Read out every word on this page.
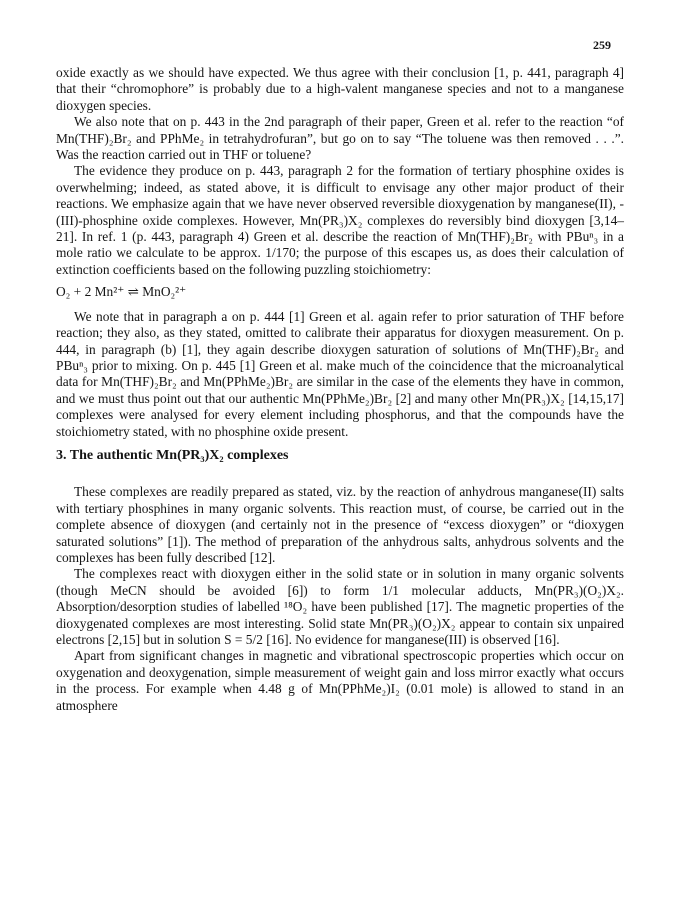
259

oxide exactly as we should have expected. We thus agree with their conclusion [1, p. 441, paragraph 4] that their “chromophore” is probably due to a high-valent manganese species and not to a manganese dioxygen species.

We also note that on p. 443 in the 2nd paragraph of their paper, Green et al. refer to the reaction “of Mn(THF)₂Br₂ and PPhMe₂ in tetrahydrofuran”, but go on to say “The toluene was then removed . . .”. Was the reaction carried out in THF or toluene?

The evidence they produce on p. 443, paragraph 2 for the formation of tertiary phosphine oxides is overwhelming; indeed, as stated above, it is difficult to envisage any other major product of their reactions. We emphasize again that we have never observed reversible dioxygenation by manganese(II), -(III)-phosphine oxide complexes. However, Mn(PR₃)X₂ complexes do reversibly bind dioxygen [3,14–21]. In ref. 1 (p. 443, paragraph 4) Green et al. describe the reaction of Mn(THF)₂Br₂ with PBuⁿ₃ in a mole ratio we calculate to be approx. 1/170; the purpose of this escapes us, as does their calculation of extinction coefficients based on the following puzzling stoichiometry:

O₂ + 2 Mn²⁺ ⇌ MnO₂²⁺

We note that in paragraph a on p. 444 [1] Green et al. again refer to prior saturation of THF before reaction; they also, as they stated, omitted to calibrate their apparatus for dioxygen measurement. On p. 444, in paragraph (b) [1], they again describe dioxygen saturation of solutions of Mn(THF)₂Br₂ and PBuⁿ₃ prior to mixing. On p. 445 [1] Green et al. make much of the coincidence that the microanalytical data for Mn(THF)₂Br₂ and Mn(PPhMe₂)Br₂ are similar in the case of the elements they have in common, and we must thus point out that our authentic Mn(PPhMe₂)Br₂ [2] and many other Mn(PR₃)X₂ [14,15,17] complexes were analysed for every element including phosphorus, and that the compounds have the stoichiometry stated, with no phosphine oxide present.

3. The authentic Mn(PR₃)X₂ complexes

These complexes are readily prepared as stated, viz. by the reaction of anhydrous manganese(II) salts with tertiary phosphines in many organic solvents. This reaction must, of course, be carried out in the complete absence of dioxygen (and certainly not in the presence of “excess dioxygen” or “dioxygen saturated solutions” [1]). The method of preparation of the anhydrous salts, anhydrous solvents and the complexes has been fully described [12].

The complexes react with dioxygen either in the solid state or in solution in many organic solvents (though MeCN should be avoided [6]) to form 1/1 molecular adducts, Mn(PR₃)(O₂)X₂. Absorption/desorption studies of labelled ¹⁸O₂ have been published [17]. The magnetic properties of the dioxygenated complexes are most interesting. Solid state Mn(PR₃)(O₂)X₂ appear to contain six unpaired electrons [2,15] but in solution S = 5/2 [16]. No evidence for manganese(III) is observed [16].

Apart from significant changes in magnetic and vibrational spectroscopic properties which occur on oxygenation and deoxygenation, simple measurement of weight gain and loss mirror exactly what occurs in the process. For example when 4.48 g of Mn(PPhMe₂)I₂ (0.01 mole) is allowed to stand in an atmosphere
